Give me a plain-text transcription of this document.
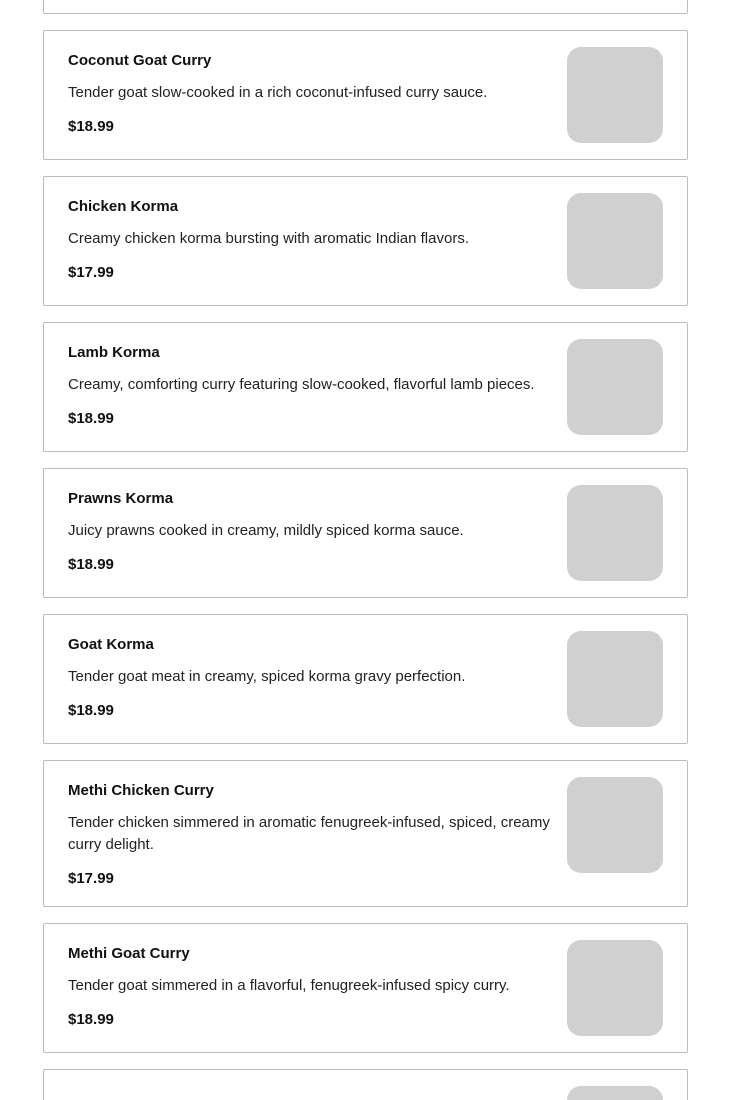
Coconut Goat Curry
Tender goat slow-cooked in a rich coconut-infused curry sauce.
$18.99
Chicken Korma
Creamy chicken korma bursting with aromatic Indian flavors.
$17.99
Lamb Korma
Creamy, comforting curry featuring slow-cooked, flavorful lamb pieces.
$18.99
Prawns Korma
Juicy prawns cooked in creamy, mildly spiced korma sauce.
$18.99
Goat Korma
Tender goat meat in creamy, spiced korma gravy perfection.
$18.99
Methi Chicken Curry
Tender chicken simmered in aromatic fenugreek-infused, spiced, creamy curry delight.
$17.99
Methi Goat Curry
Tender goat simmered in a flavorful, fenugreek-infused spicy curry.
$18.99
